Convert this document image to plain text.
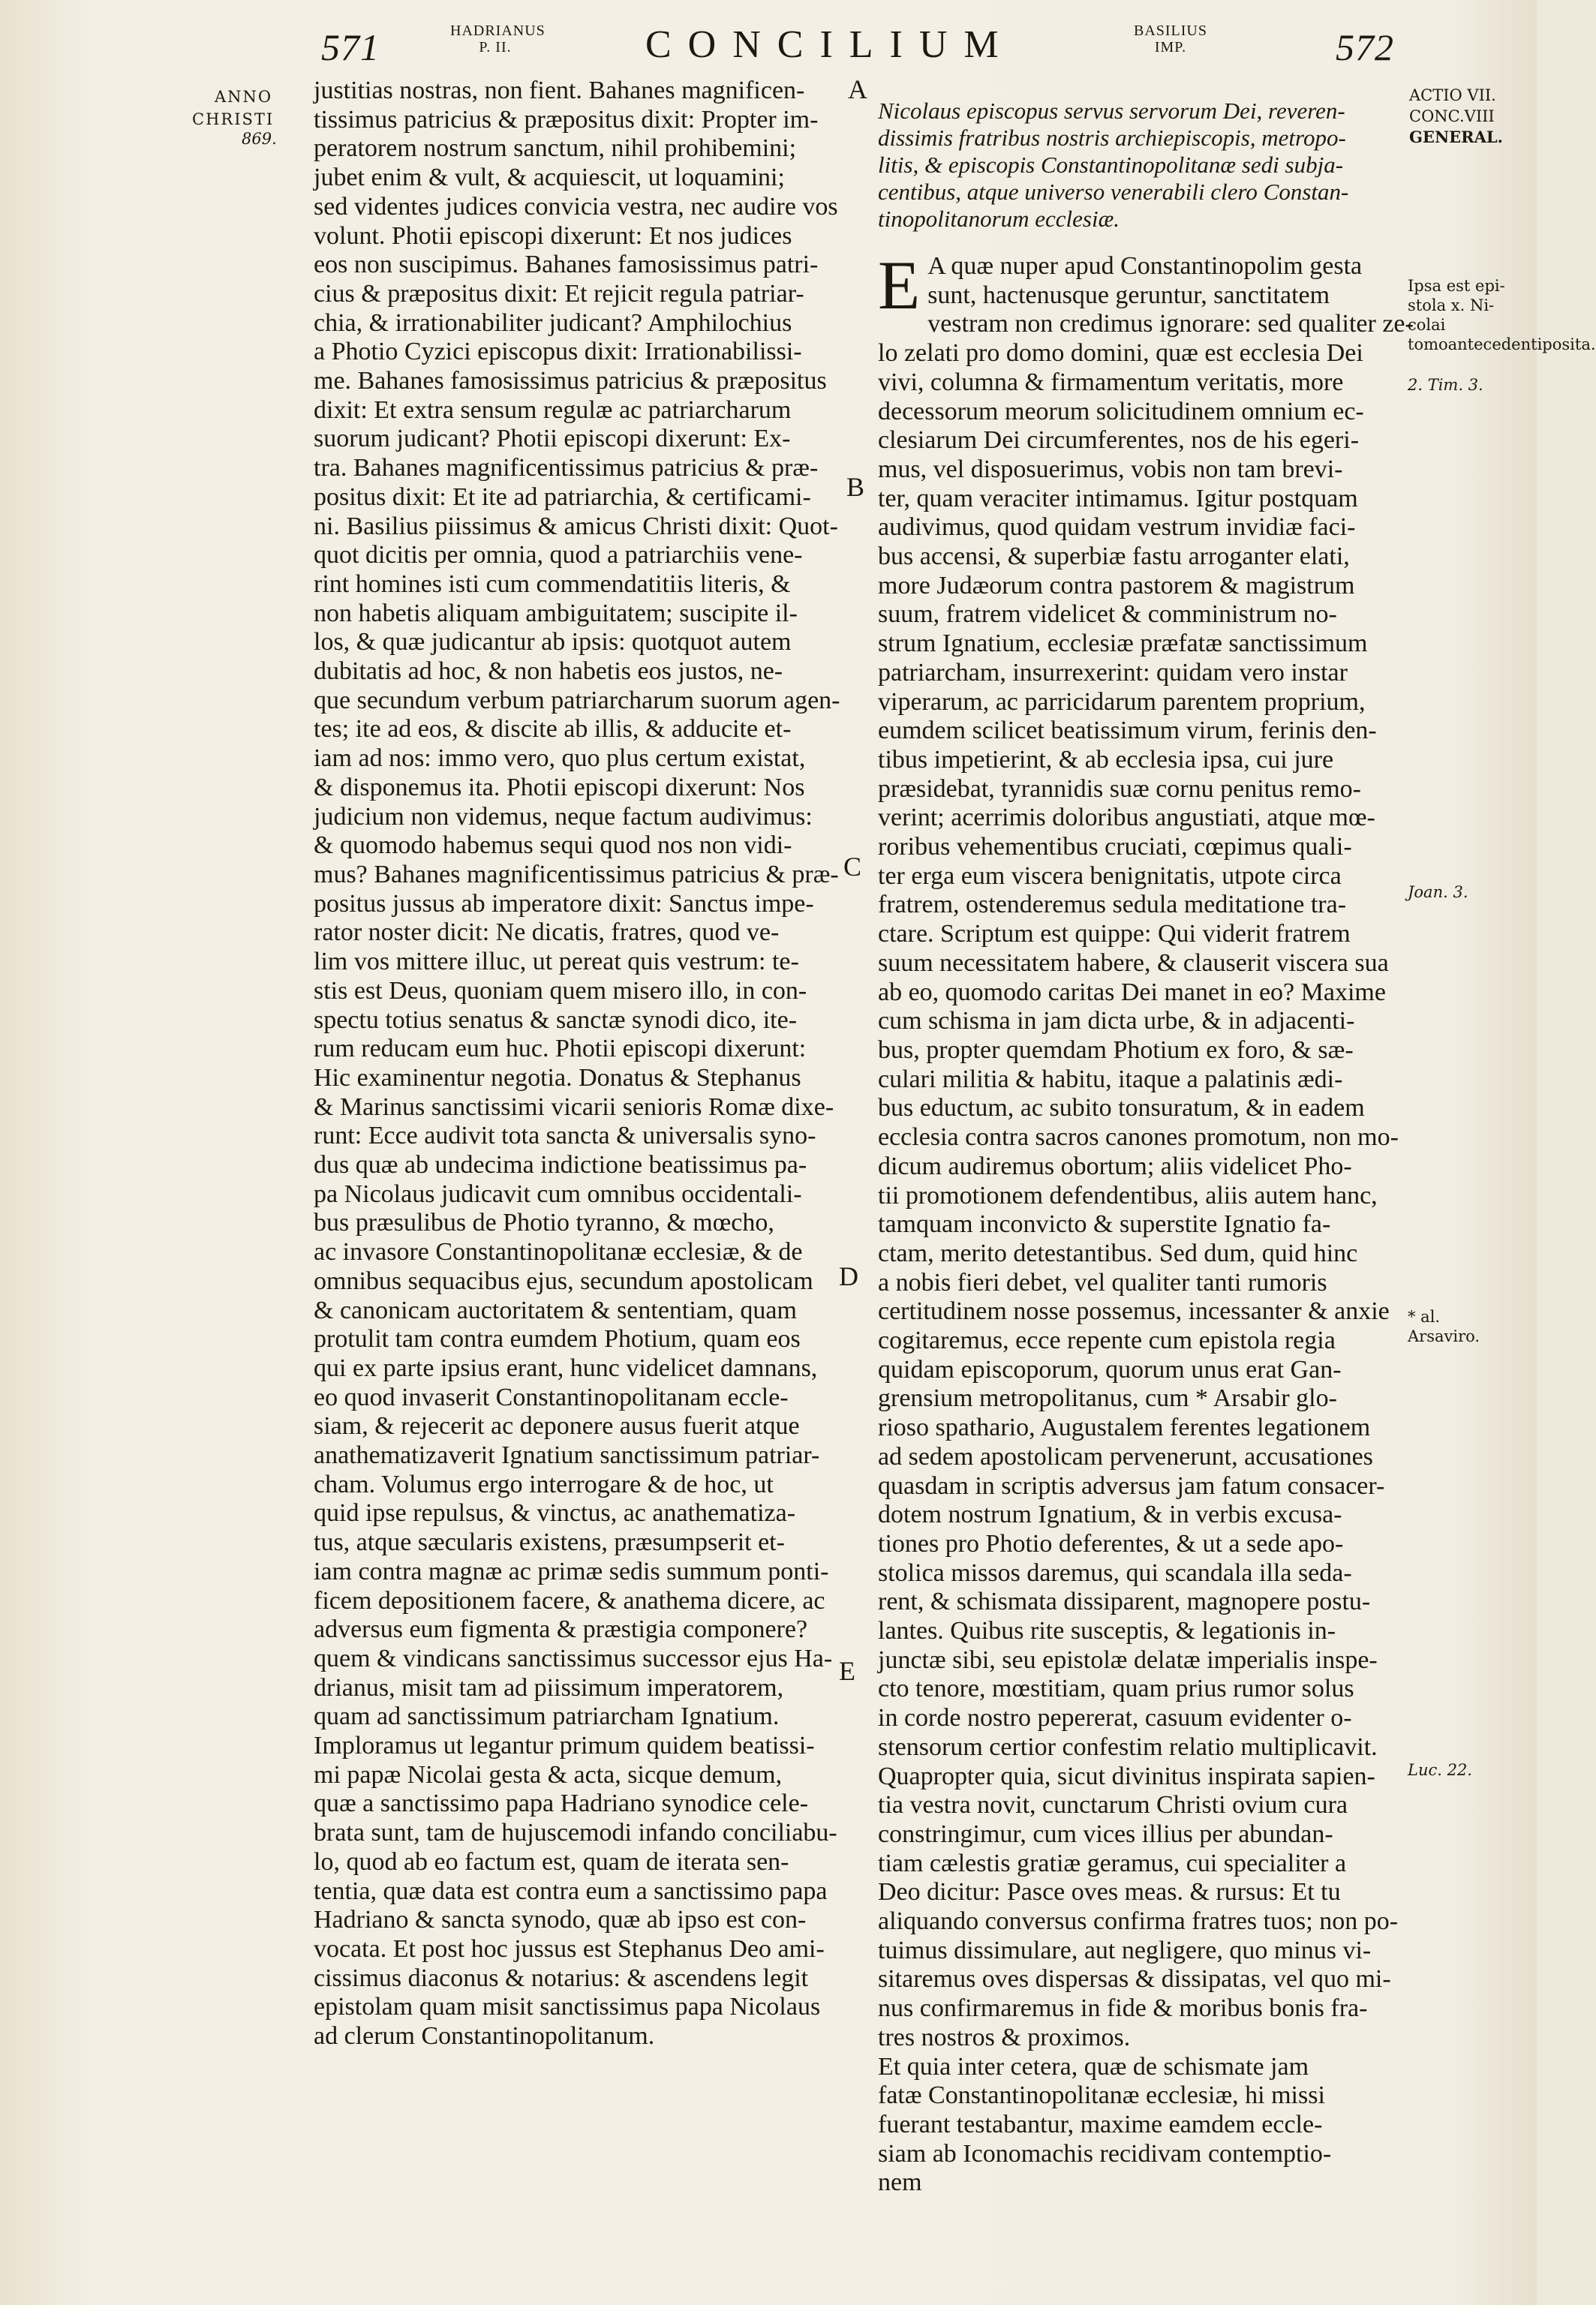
571	HADRIANUS P. II.	CONCILIUM	BASILIUS IMP.	572
ANNO
CHRISTI
869.
ACTIO VII.
CONC.VIII
GENERAL.
Ipsa est epi-stola x. Ni-colai tomoantecedentiposita.
2. Tim. 3.
Joan. 3.
* al. Arsaviro.
Luc. 22.
A
B
C
D
E
justitias nostras, non fient. Bahanes magnificen-
tissimus patricius & præpositus dixit: Propter im-
peratorem nostrum sanctum, nihil prohibemini;
jubet enim & vult, & acquiescit, ut loquamini;
sed videntes judices convicia vestra, nec audire vos
volunt. Photii episcopi dixerunt: Et nos judices
eos non suscipimus. Bahanes famosissimus patri-
cius & præpositus dixit: Et rejicit regula patriar-
chia, & irrationabiliter judicant? Amphilochius
a Photio Cyzici episcopus dixit: Irrationabilissi-
me. Bahanes famosissimus patricius & præpositus
dixit: Et extra sensum regulæ ac patriarcharum
suorum judicant? Photii episcopi dixerunt: Ex-
tra. Bahanes magnificentissimus patricius & præ-
positus dixit: Et ite ad patriarchia, & certificami-
ni. Basilius piissimus & amicus Christi dixit: Quot-
quot dicitis per omnia, quod a patriarchiis vene-
rint homines isti cum commendatitiis literis, &
non habetis aliquam ambiguitatem; suscipite il-
los, & quæ judicantur ab ipsis: quotquot autem
dubitatis ad hoc, & non habetis eos justos, ne-
que secundum verbum patriarcharum suorum agen-
tes; ite ad eos, & discite ab illis, & adducite et-
iam ad nos: immo vero, quo plus certum existat,
& disponemus ita. Photii episcopi dixerunt: Nos
judicium non videmus, neque factum audivimus:
& quomodo habemus sequi quod nos non vidi-
mus? Bahanes magnificentissimus patricius & præ-
positus jussus ab imperatore dixit: Sanctus impe-
rator noster dicit: Ne dicatis, fratres, quod ve-
lim vos mittere illuc, ut pereat quis vestrum: te-
stis est Deus, quoniam quem misero illo, in con-
spectu totius senatus & sanctæ synodi dico, ite-
rum reducam eum huc. Photii episcopi dixerunt:
Hic examinentur negotia. Donatus & Stephanus
& Marinus sanctissimi vicarii senioris Romæ dixe-
runt: Ecce audivit tota sancta & universalis syno-
dus quæ ab undecima indictione beatissimus pa-
pa Nicolaus judicavit cum omnibus occidentali-
bus præsulibus de Photio tyranno, & mœcho,
ac invasore Constantinopolitanæ ecclesiæ, & de
omnibus sequacibus ejus, secundum apostolicam
& canonicam auctoritatem & sententiam, quam
protulit tam contra eumdem Photium, quam eos
qui ex parte ipsius erant, hunc videlicet damnans,
eo quod invaserit Constantinopolitanam eccle-
siam, & rejecerit ac deponere ausus fuerit atque
anathematizaverit Ignatium sanctissimum patriar-
cham. Volumus ergo interrogare & de hoc, ut
quid ipse repulsus, & vinctus, ac anathematiza-
tus, atque sæcularis existens, præsumpserit et-
iam contra magnæ ac primæ sedis summum ponti-
ficem depositionem facere, & anathema dicere, ac
adversus eum figmenta & præstigia componere?
quem & vindicans sanctissimus successor ejus Ha-
drianus, misit tam ad piissimum imperatorem,
quam ad sanctissimum patriarcham Ignatium.
Imploramus ut legantur primum quidem beatissi-
mi papæ Nicolai gesta & acta, sicque demum,
quæ a sanctissimo papa Hadriano synodice cele-
brata sunt, tam de hujuscemodi infando conciliabu-
lo, quod ab eo factum est, quam de iterata sen-
tentia, quæ data est contra eum a sanctissimo papa
Hadriano & sancta synodo, quæ ab ipso est con-
vocata. Et post hoc jussus est Stephanus Deo ami-
cissimus diaconus & notarius: & ascendens legit
epistolam quam misit sanctissimus papa Nicolaus
ad clerum Constantinopolitanum.
Nicolaus episcopus servus servorum Dei, reveren-
dissimis fratribus nostris archiepiscopis, metropo-
litis, & episcopis Constantinopolitanæ sedi subja-
centibus, atque universo venerabili clero Constan-
tinopolitanorum ecclesiæ.
E A quæ nuper apud Constantinopolim gesta
sunt, hactenusque geruntur, sanctitatem
vestram non credimus ignorare: sed qualiter ze-
lo zelati pro domo domini, quæ est ecclesia Dei
vivi, columna & firmamentum veritatis, more
decessorum meorum solicitudinem omnium ec-
clesiarum Dei circumferentes, nos de his egeri-
mus, vel disposuerimus, vobis non tam brevi-
ter, quam veraciter intimamus. Igitur postquam
audivimus, quod quidam vestrum invidiæ faci-
bus accensi, & superbiæ fastu arroganter elati,
more Judæorum contra pastorem & magistrum
suum, fratrem videlicet & comministrum no-
strum Ignatium, ecclesiæ præfatæ sanctissimum
patriarcham, insurrexerint: quidam vero instar
viperarum, ac parricidarum parentem proprium,
eumdem scilicet beatissimum virum, ferinis den-
tibus impetierint, & ab ecclesia ipsa, cui jure
præsidebat, tyrannidis suæ cornu penitus remo-
verint; acerrimis doloribus angustiati, atque mœ-
roribus vehementibus cruciati, cœpimus quali-
ter erga eum viscera benignitatis, utpote circa
fratrem, ostenderemus sedula meditatione tra-
ctare. Scriptum est quippe: Qui viderit fratrem
suum necessitatem habere, & clauserit viscera sua
ab eo, quomodo caritas Dei manet in eo? Maxime
cum schisma in jam dicta urbe, & in adjacenti-
bus, propter quemdam Photium ex foro, & sæ-
culari militia & habitu, itaque a palatinis ædi-
bus eductum, ac subito tonsuratum, & in eadem
ecclesia contra sacros canones promotum, non mo-
dicum audiremus obortum; aliis videlicet Pho-
tii promotionem defendentibus, aliis autem hanc,
tamquam inconvicto & superstite Ignatio fa-
ctam, merito detestantibus. Sed dum, quid hinc
a nobis fieri debet, vel qualiter tanti rumoris
certitudinem nosse possemus, incessanter & anxie
cogitaremus, ecce repente cum epistola regia
quidam episcoporum, quorum unus erat Gan-
grensium metropolitanus, cum * Arsabir glo-
rioso spathario, Augustalem ferentes legationem
ad sedem apostolicam pervenerunt, accusationes
quasdam in scriptis adversus jam fatum consacer-
dotem nostrum Ignatium, & in verbis excusa-
tiones pro Photio deferentes, & ut a sede apo-
stolica missos daremus, qui scandala illa seda-
rent, & schismata dissiparent, magnopere postu-
lantes. Quibus rite susceptis, & legationis in-
junctæ sibi, seu epistolæ delatæ imperialis inspe-
cto tenore, mœstitiam, quam prius rumor solus
in corde nostro pepererat, casuum evidenter o-
stensorum certior confestim relatio multiplicavit.
Quapropter quia, sicut divinitus inspirata sapien-
tia vestra novit, cunctarum Christi ovium cura
constringimur, cum vices illius per abundan-
tiam cælestis gratiæ geramus, cui specialiter a
Deo dicitur: Pasce oves meas. & rursus: Et tu
aliquando conversus confirma fratres tuos; non po-
tuimus dissimulare, aut negligere, quo minus vi-
sitaremus oves dispersas & dissipatas, vel quo mi-
nus confirmaremus in fide & moribus bonis fra-
tres nostros & proximos.
Et quia inter cetera, quæ de schismate jam
fatæ Constantinopolitanæ ecclesiæ, hi missi
fuerant testabantur, maxime eamdem eccle-
siam ab Iconomachis recidivam contemptio-
nem
